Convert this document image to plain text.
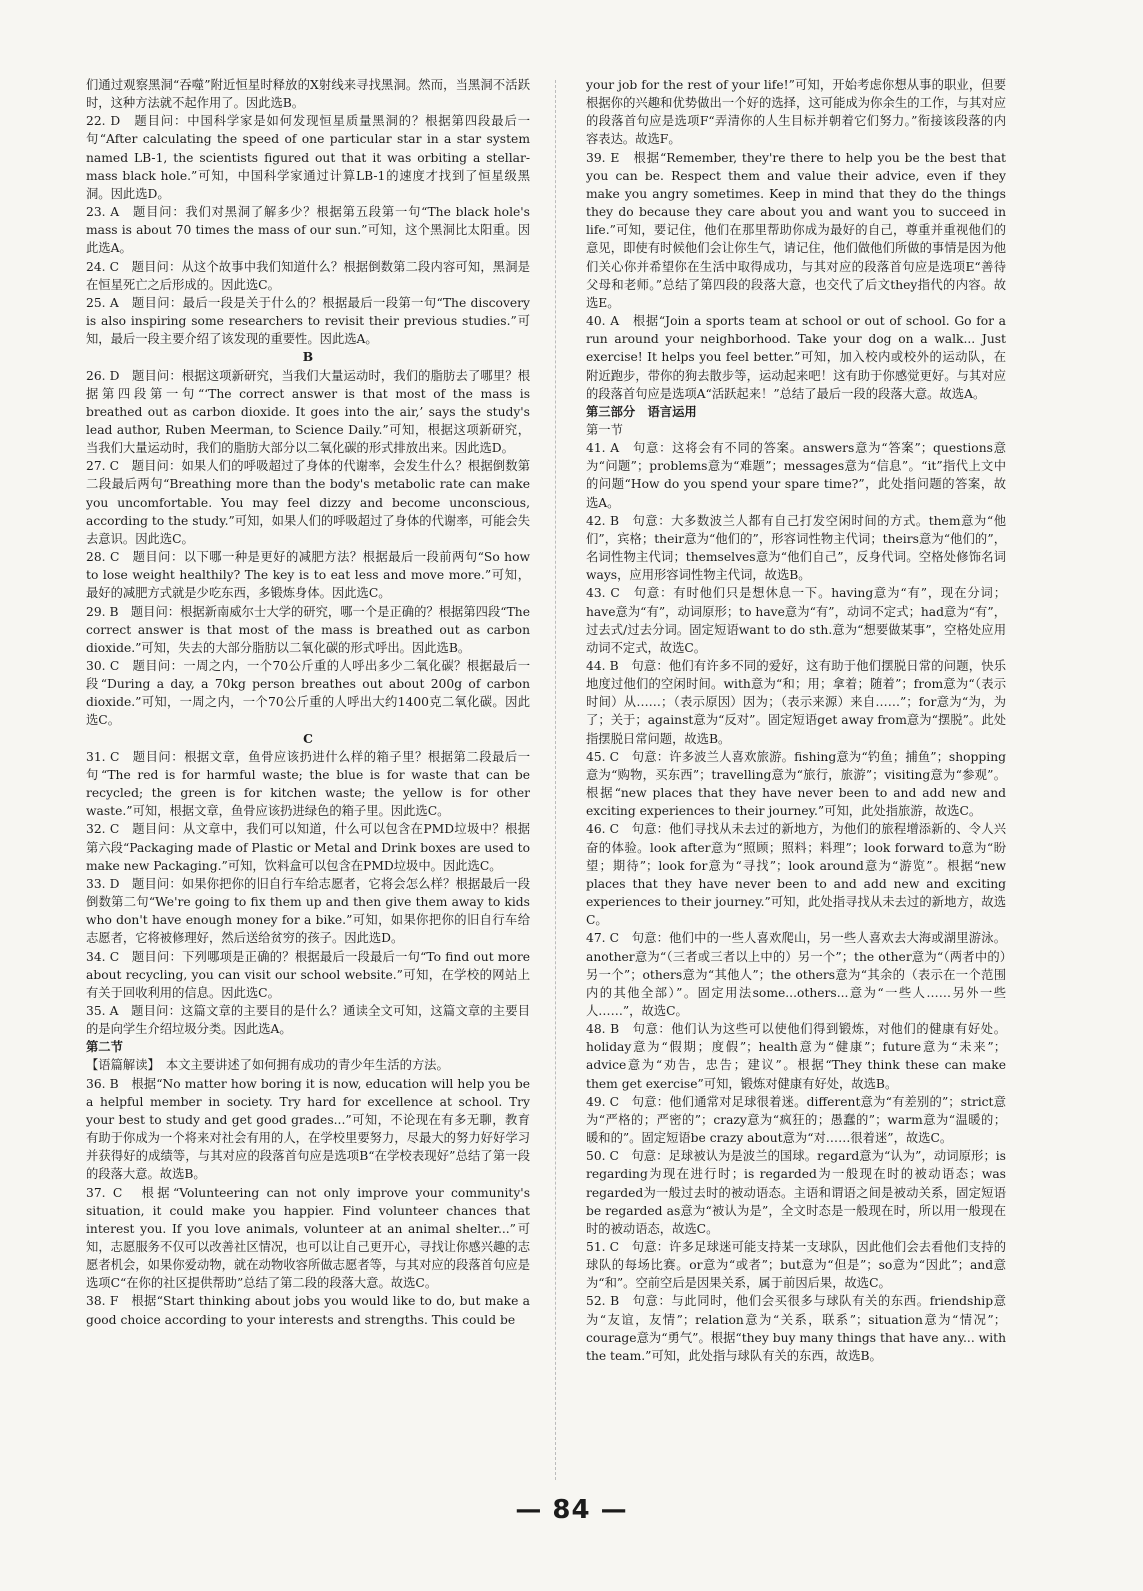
们通过观察黑洞“吞噬”附近恒星时释放的X射线来寻找黑洞。然而，当黑洞不活跃时，这种方法就不起作用了。因此选B。

22. D　题目问：中国科学家是如何发现恒星质量黑洞的？根据第四段最后一句“After calculating the speed of one particular star in a star system named LB-1, the scientists figured out that it was orbiting a stellar-mass black hole.”可知，中国科学家通过计算LB-1的速度才找到了恒星级黑洞。因此选D。

23. A　题目问：我们对黑洞了解多少？根据第五段第一句“The black hole's mass is about 70 times the mass of our sun.”可知，这个黑洞比太阳重。因此选A。

24. C　题目问：从这个故事中我们知道什么？根据倒数第二段内容可知，黑洞是在恒星死亡之后形成的。因此选C。

25. A　题目问：最后一段是关于什么的？根据最后一段第一句“The discovery is also inspiring some researchers to revisit their previous studies.”可知，最后一段主要介绍了该发现的重要性。因此选A。

B

26. D　题目问：根据这项新研究，当我们大量运动时，我们的脂肪去了哪里？根据第四段第一句“‘The correct answer is that most of the mass is breathed out as carbon dioxide. It goes into the air,’ says the study's lead author, Ruben Meerman, to Science Daily.”可知，根据这项新研究，当我们大量运动时，我们的脂肪大部分以二氧化碳的形式排放出来。因此选D。

27. C　题目问：如果人们的呼吸超过了身体的代谢率，会发生什么？根据倒数第二段最后两句“Breathing more than the body's metabolic rate can make you uncomfortable. You may feel dizzy and become unconscious, according to the study.”可知，如果人们的呼吸超过了身体的代谢率，可能会失去意识。因此选C。

28. C　题目问：以下哪一种是更好的减肥方法？根据最后一段前两句“So how to lose weight healthily? The key is to eat less and move more.”可知，最好的减肥方式就是少吃东西，多锻炼身体。因此选C。

29. B　题目问：根据新南威尔士大学的研究，哪一个是正确的？根据第四段“The correct answer is that most of the mass is breathed out as carbon dioxide.”可知，失去的大部分脂肪以二氧化碳的形式呼出。因此选B。

30. C　题目问：一周之内，一个70公斤重的人呼出多少二氧化碳？根据最后一段“During a day, a 70kg person breathes out about 200g of carbon dioxide.”可知，一周之内，一个70公斤重的人呼出大约1400克二氧化碳。因此选C。

C

31. C　题目问：根据文章，鱼骨应该扔进什么样的箱子里？根据第二段最后一句“The red is for harmful waste; the blue is for waste that can be recycled; the green is for kitchen waste; the yellow is for other waste.”可知，根据文章，鱼骨应该扔进绿色的箱子里。因此选C。

32. C　题目问：从文章中，我们可以知道，什么可以包含在PMD垃圾中？根据第六段“Packaging made of Plastic or Metal and Drink boxes are used to make new Packaging.”可知，饮料盒可以包含在PMD垃圾中。因此选C。

33. D　题目问：如果你把你的旧自行车给志愿者，它将会怎么样？根据最后一段倒数第二句“We're going to fix them up and then give them away to kids who don't have enough money for a bike.”可知，如果你把你的旧自行车给志愿者，它将被修理好，然后送给贫穷的孩子。因此选D。

34. C　题目问：下列哪项是正确的？根据最后一段最后一句“To find out more about recycling, you can visit our school website.”可知，在学校的网站上有关于回收利用的信息。因此选C。

35. A　题目问：这篇文章的主要目的是什么？通读全文可知，这篇文章的主要目的是向学生介绍垃圾分类。因此选A。

第二节

【语篇解读】　本文主要讲述了如何拥有成功的青少年生活的方法。

36. B　根据“No matter how boring it is now, education will help you be a helpful member in society. Try hard for excellence at school. Try your best to study and get good grades...”可知，不论现在有多无聊，教育有助于你成为一个将来对社会有用的人，在学校里要努力，尽最大的努力好好学习并获得好的成绩等，与其对应的段落首句应是选项B“在学校表现好”总结了第一段的段落大意。故选B。

37. C　根据“Volunteering can not only improve your community's situation, it could make you happier. Find volunteer chances that interest you. If you love animals, volunteer at an animal shelter...”可知，志愿服务不仅可以改善社区情况，也可以让自己更开心，寻找让你感兴趣的志愿者机会，如果你爱动物，就在动物收容所做志愿者等，与其对应的段落首句应是选项C“在你的社区提供帮助”总结了第二段的段落大意。故选C。

38. F　根据“Start thinking about jobs you would like to do, but make a good choice according to your interests and strengths. This could be

your job for the rest of your life!”可知，开始考虑你想从事的职业，但要根据你的兴趣和优势做出一个好的选择，这可能成为你余生的工作，与其对应的段落首句应是选项F“弄清你的人生目标并朝着它们努力。”衔接该段落的内容表达。故选F。

39. E　根据“Remember, they're there to help you be the best that you can be. Respect them and value their advice, even if they make you angry sometimes. Keep in mind that they do the things they do because they care about you and want you to succeed in life.”可知，要记住，他们在那里帮助你成为最好的自己，尊重并重视他们的意见，即使有时候他们会让你生气，请记住，他们做他们所做的事情是因为他们关心你并希望你在生活中取得成功，与其对应的段落首句应是选项E“善待父母和老师。”总结了第四段的段落大意，也交代了后文they指代的内容。故选E。

40. A　根据“Join a sports team at school or out of school. Go for a run around your neighborhood. Take your dog on a walk... Just exercise! It helps you feel better.”可知，加入校内或校外的运动队，在附近跑步，带你的狗去散步等，运动起来吧！这有助于你感觉更好。与其对应的段落首句应是选项A“活跃起来！”总结了最后一段的段落大意。故选A。

第三部分　语言运用

第一节

41. A　句意：这将会有不同的答案。answers意为“答案”；questions意为“问题”；problems意为“难题”；messages意为“信息”。“it”指代上文中的问题“How do you spend your spare time?”，此处指问题的答案，故选A。

42. B　句意：大多数波兰人都有自己打发空闲时间的方式。them意为“他们”，宾格；their意为“他们的”，形容词性物主代词；theirs意为“他们的”，名词性物主代词；themselves意为“他们自己”，反身代词。空格处修饰名词ways，应用形容词性物主代词，故选B。

43. C　句意：有时他们只是想休息一下。having意为“有”，现在分词；have意为“有”，动词原形；to have意为“有”，动词不定式；had意为“有”，过去式/过去分词。固定短语want to do sth.意为“想要做某事”，空格处应用动词不定式，故选C。

44. B　句意：他们有许多不同的爱好，这有助于他们摆脱日常的问题，快乐地度过他们的空闲时间。with意为“和；用；拿着；随着”；from意为“（表示时间）从……；（表示原因）因为；（表示来源）来自……”；for意为“为，为了；关于；against意为“反对”。固定短语get away from意为“摆脱”。此处指摆脱日常问题，故选B。

45. C　句意：许多波兰人喜欢旅游。fishing意为“钓鱼；捕鱼”；shopping意为“购物，买东西”；travelling意为“旅行，旅游”；visiting意为“参观”。根据“new places that they have never been to and add new and exciting experiences to their journey.”可知，此处指旅游，故选C。

46. C　句意：他们寻找从未去过的新地方，为他们的旅程增添新的、令人兴奋的体验。look after意为“照顾；照料；料理”；look forward to意为“盼望；期待”；look for意为“寻找”；look around意为“游览”。根据“new places that they have never been to and add new and exciting experiences to their journey.”可知，此处指寻找从未去过的新地方，故选C。

47. C　句意：他们中的一些人喜欢爬山，另一些人喜欢去大海或湖里游泳。another意为“（三者或三者以上中的）另一个”；the other意为“（两者中的）另一个”；others意为“其他人”；the others意为“其余的（表示在一个范围内的其他全部）”。固定用法some...others...意为“一些人……另外一些人……”，故选C。

48. B　句意：他们认为这些可以使他们得到锻炼，对他们的健康有好处。holiday意为“假期；度假”；health意为“健康”；future意为“未来”；advice意为“劝告，忠告；建议”。根据“They think these can make them get exercise”可知，锻炼对健康有好处，故选B。

49. C　句意：他们通常对足球很着迷。different意为“有差别的”；strict意为“严格的；严密的”；crazy意为“疯狂的；愚蠢的”；warm意为“温暖的；暖和的”。固定短语be crazy about意为“对……很着迷”，故选C。

50. C　句意：足球被认为是波兰的国球。regard意为“认为”，动词原形；is regarding为现在进行时；is regarded为一般现在时的被动语态；was regarded为一般过去时的被动语态。主语和谓语之间是被动关系，固定短语be regarded as意为“被认为是”，全文时态是一般现在时，所以用一般现在时的被动语态，故选C。

51. C　句意：许多足球迷可能支持某一支球队，因此他们会去看他们支持的球队的每场比赛。or意为“或者”；but意为“但是”；so意为“因此”；and意为“和”。空前空后是因果关系，属于前因后果，故选C。

52. B　句意：与此同时，他们会买很多与球队有关的东西。friendship意为“友谊，友情”；relation意为“关系，联系”；situation意为“情况”；courage意为“勇气”。根据“they buy many things that have any... with the team.”可知，此处指与球队有关的东西，故选B。

— 84 —
